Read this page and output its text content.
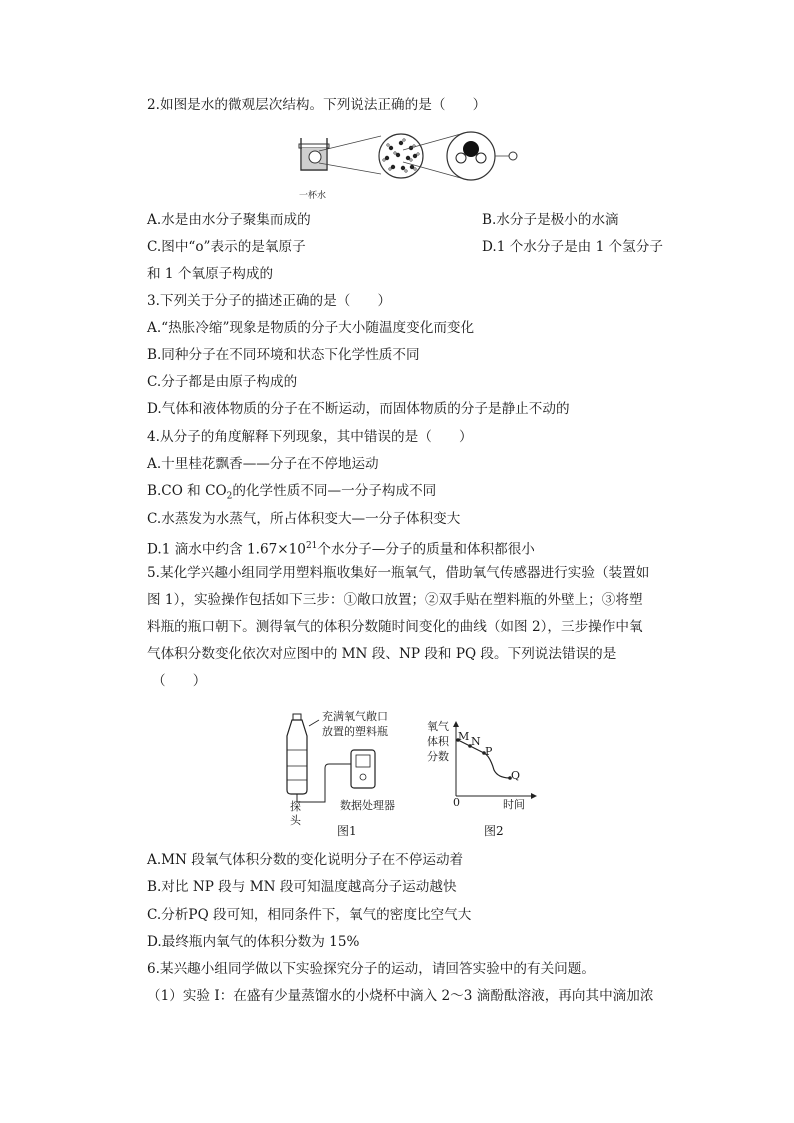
2.如图是水的微观层次结构。下列说法正确的是（　　）
一杯水
A.水是由水分子聚集而成的	B.水分子是极小的水滴
C.图中“o”表示的是氧原子	D.1 个水分子是由 1 个氢分子
和 1 个氧原子构成的
3.下列关于分子的描述正确的是（　　）
A.“热胀冷缩”现象是物质的分子大小随温度变化而变化
B.同种分子在不同环境和状态下化学性质不同
C.分子都是由原子构成的
D.气体和液体物质的分子在不断运动，而固体物质的分子是静止不动的
4.从分子的角度解释下列现象，其中错误的是（　　）
A.十里桂花飘香——分子在不停地运动
B.CO 和 $CO_2$的化学性质不同—一分子构成不同
C.水蒸发为水蒸气，所占体积变大—一分子体积变大
D.1 滴水中约含 $1.67\times 10^{21}$个水分子—分子的质量和体积都很小
5.某化学兴趣小组同学用塑料瓶收集好一瓶氧气，借助氧气传感器进行实验（装置如
图 1），实验操作包括如下三步：①敞口放置；②双手贴在塑料瓶的外壁上；③将塑
料瓶的瓶口朝下。测得氧气的体积分数随时间变化的曲线（如图 2），三步操作中氧
气体积分数变化依次对应图中的 MN 段、NP 段和 PQ 段。下列说法错误的是
（　　）
充满氧气敞口
放置的塑料瓶
探
头
数据处理器
图1
氧气
体积
分数
M N
P
Q
0	时间
图2
A.MN 段氧气体积分数的变化说明分子在不停运动着
B.对比 NP 段与 MN 段可知温度越高分子运动越快
C.分析PQ 段可知，相同条件下，氧气的密度比空气大
D.最终瓶内氧气的体积分数为 15%
6.某兴趣小组同学做以下实验探究分子的运动，请回答实验中的有关问题。
（1）实验 I：在盛有少量蒸馏水的小烧杯中滴入 2～3 滴酚酞溶液，再向其中滴加浓
